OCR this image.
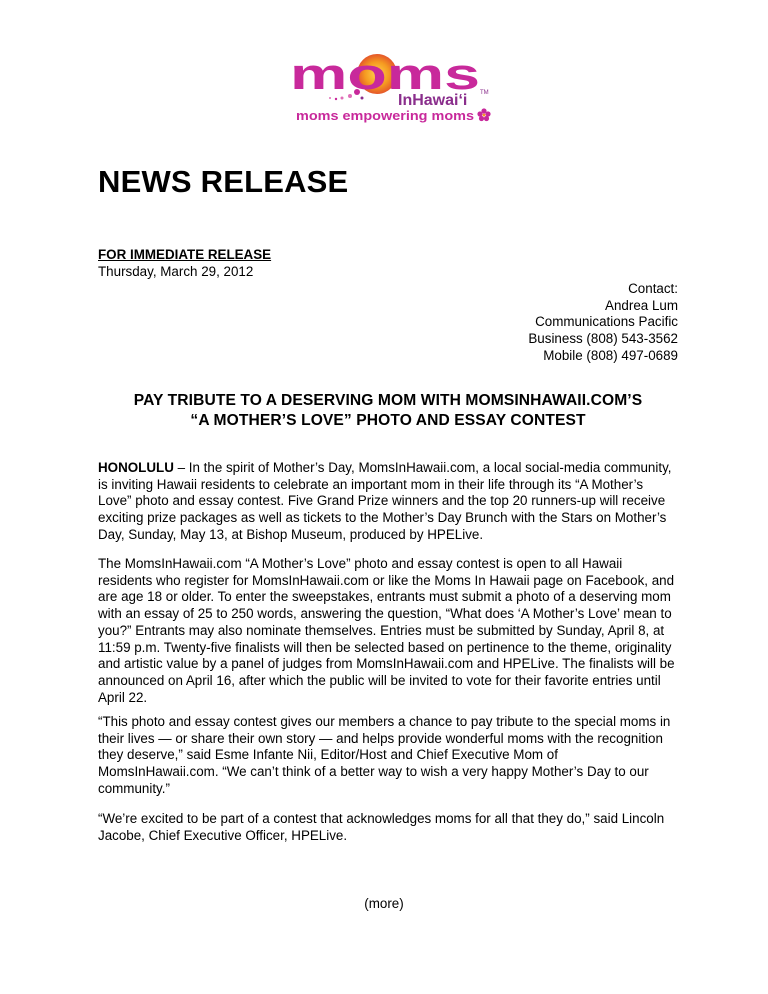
moms
InHawai‘i TM
moms empowering moms
NEWS RELEASE
FOR IMMEDIATE RELEASE
Thursday, March 29, 2012
Contact:
Andrea Lum
Communications Pacific
Business (808) 543-3562
Mobile (808) 497-0689
PAY TRIBUTE TO A DESERVING MOM WITH MOMSINHAWAII.COM’S
“A MOTHER’S LOVE” PHOTO AND ESSAY CONTEST

HONOLULU – In the spirit of Mother’s Day, MomsInHawaii.com, a local social-media community, is inviting Hawaii residents to celebrate an important mom in their life through its “A Mother’s Love” photo and essay contest. Five Grand Prize winners and the top 20 runners-up will receive exciting prize packages as well as tickets to the Mother’s Day Brunch with the Stars on Mother’s Day, Sunday, May 13, at Bishop Museum, produced by HPELive.

The MomsInHawaii.com “A Mother’s Love” photo and essay contest is open to all Hawaii residents who register for MomsInHawaii.com or like the Moms In Hawaii page on Facebook, and are age 18 or older. To enter the sweepstakes, entrants must submit a photo of a deserving mom with an essay of 25 to 250 words, answering the question, “What does ‘A Mother’s Love’ mean to you?” Entrants may also nominate themselves. Entries must be submitted by Sunday, April 8, at 11:59 p.m. Twenty-five finalists will then be selected based on pertinence to the theme, originality and artistic value by a panel of judges from MomsInHawaii.com and HPELive. The finalists will be announced on April 16, after which the public will be invited to vote for their favorite entries until April 22.

“This photo and essay contest gives our members a chance to pay tribute to the special moms in their lives — or share their own story — and helps provide wonderful moms with the recognition they deserve,” said Esme Infante Nii, Editor/Host and Chief Executive Mom of MomsInHawaii.com. “We can’t think of a better way to wish a very happy Mother’s Day to our community.”

“We’re excited to be part of a contest that acknowledges moms for all that they do,” said Lincoln Jacobe, Chief Executive Officer, HPELive.

(more)
